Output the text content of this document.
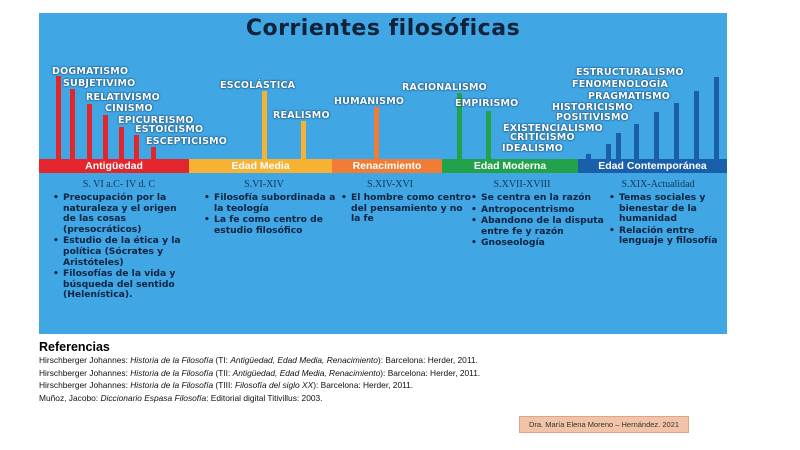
Corrientes filosóficas
DOGMATISMO
SUBJETIVIMO
RELATIVISMO
CINISMO
EPICUREISMO
ESTOICISMO
ESCEPTICISMO
ESCOLÁSTICA
REALISMO
HUMANISMO
RACIONALISMO
EMPIRISMO
ESTRUCTURALISMO
FENOMENOLOGÍA
PRAGMATISMO
HISTORICISMO
POSITIVISMO
EXISTENCIALISMO
CRITICISMO
IDEALISMO
Antigüedad	Edad Media	Renacimiento	Edad Moderna	Edad Contemporánea
S. VI a.C- IV d. C	S.VI-XIV	S.XIV-XVI	S.XVII-XVIII	S.XIX-Actualidad
• Preocupación por la naturaleza y el origen de las cosas (presocráticos)
• Estudio de la ética y la política (Sócrates y Aristóteles)
• Filosofías de la vida y búsqueda del sentido (Helenística).
• Filosofía subordinada a la teología
• La fe como centro de estudio filosófico
• El hombre como centro del pensamiento y no la fe
• Se centra en la razón
• Antropocentrismo
• Abandono de la disputa entre fe y razón
• Gnoseología
• Temas sociales y bienestar de la humanidad
• Relación entre lenguaje y filosofía
Referencias
Hirschberger Johannes: Historia de la Filosofía (TI: Antigüedad, Edad Media, Renacimiento): Barcelona: Herder, 2011.
Hirschberger Johannes: Historia de la Filosofía (TII: Antigüedad, Edad Media, Renacimiento): Barcelona: Herder, 2011.
Hirschberger Johannes: Historia de la Filosofía (TIII: Filosofía del siglo XX): Barcelona: Herder, 2011.
Muñoz, Jacobo: Diccionario Espasa Filosofía: Editorial digital Titivillus: 2003.
Dra. María Elena Moreno – Hernández. 2021
